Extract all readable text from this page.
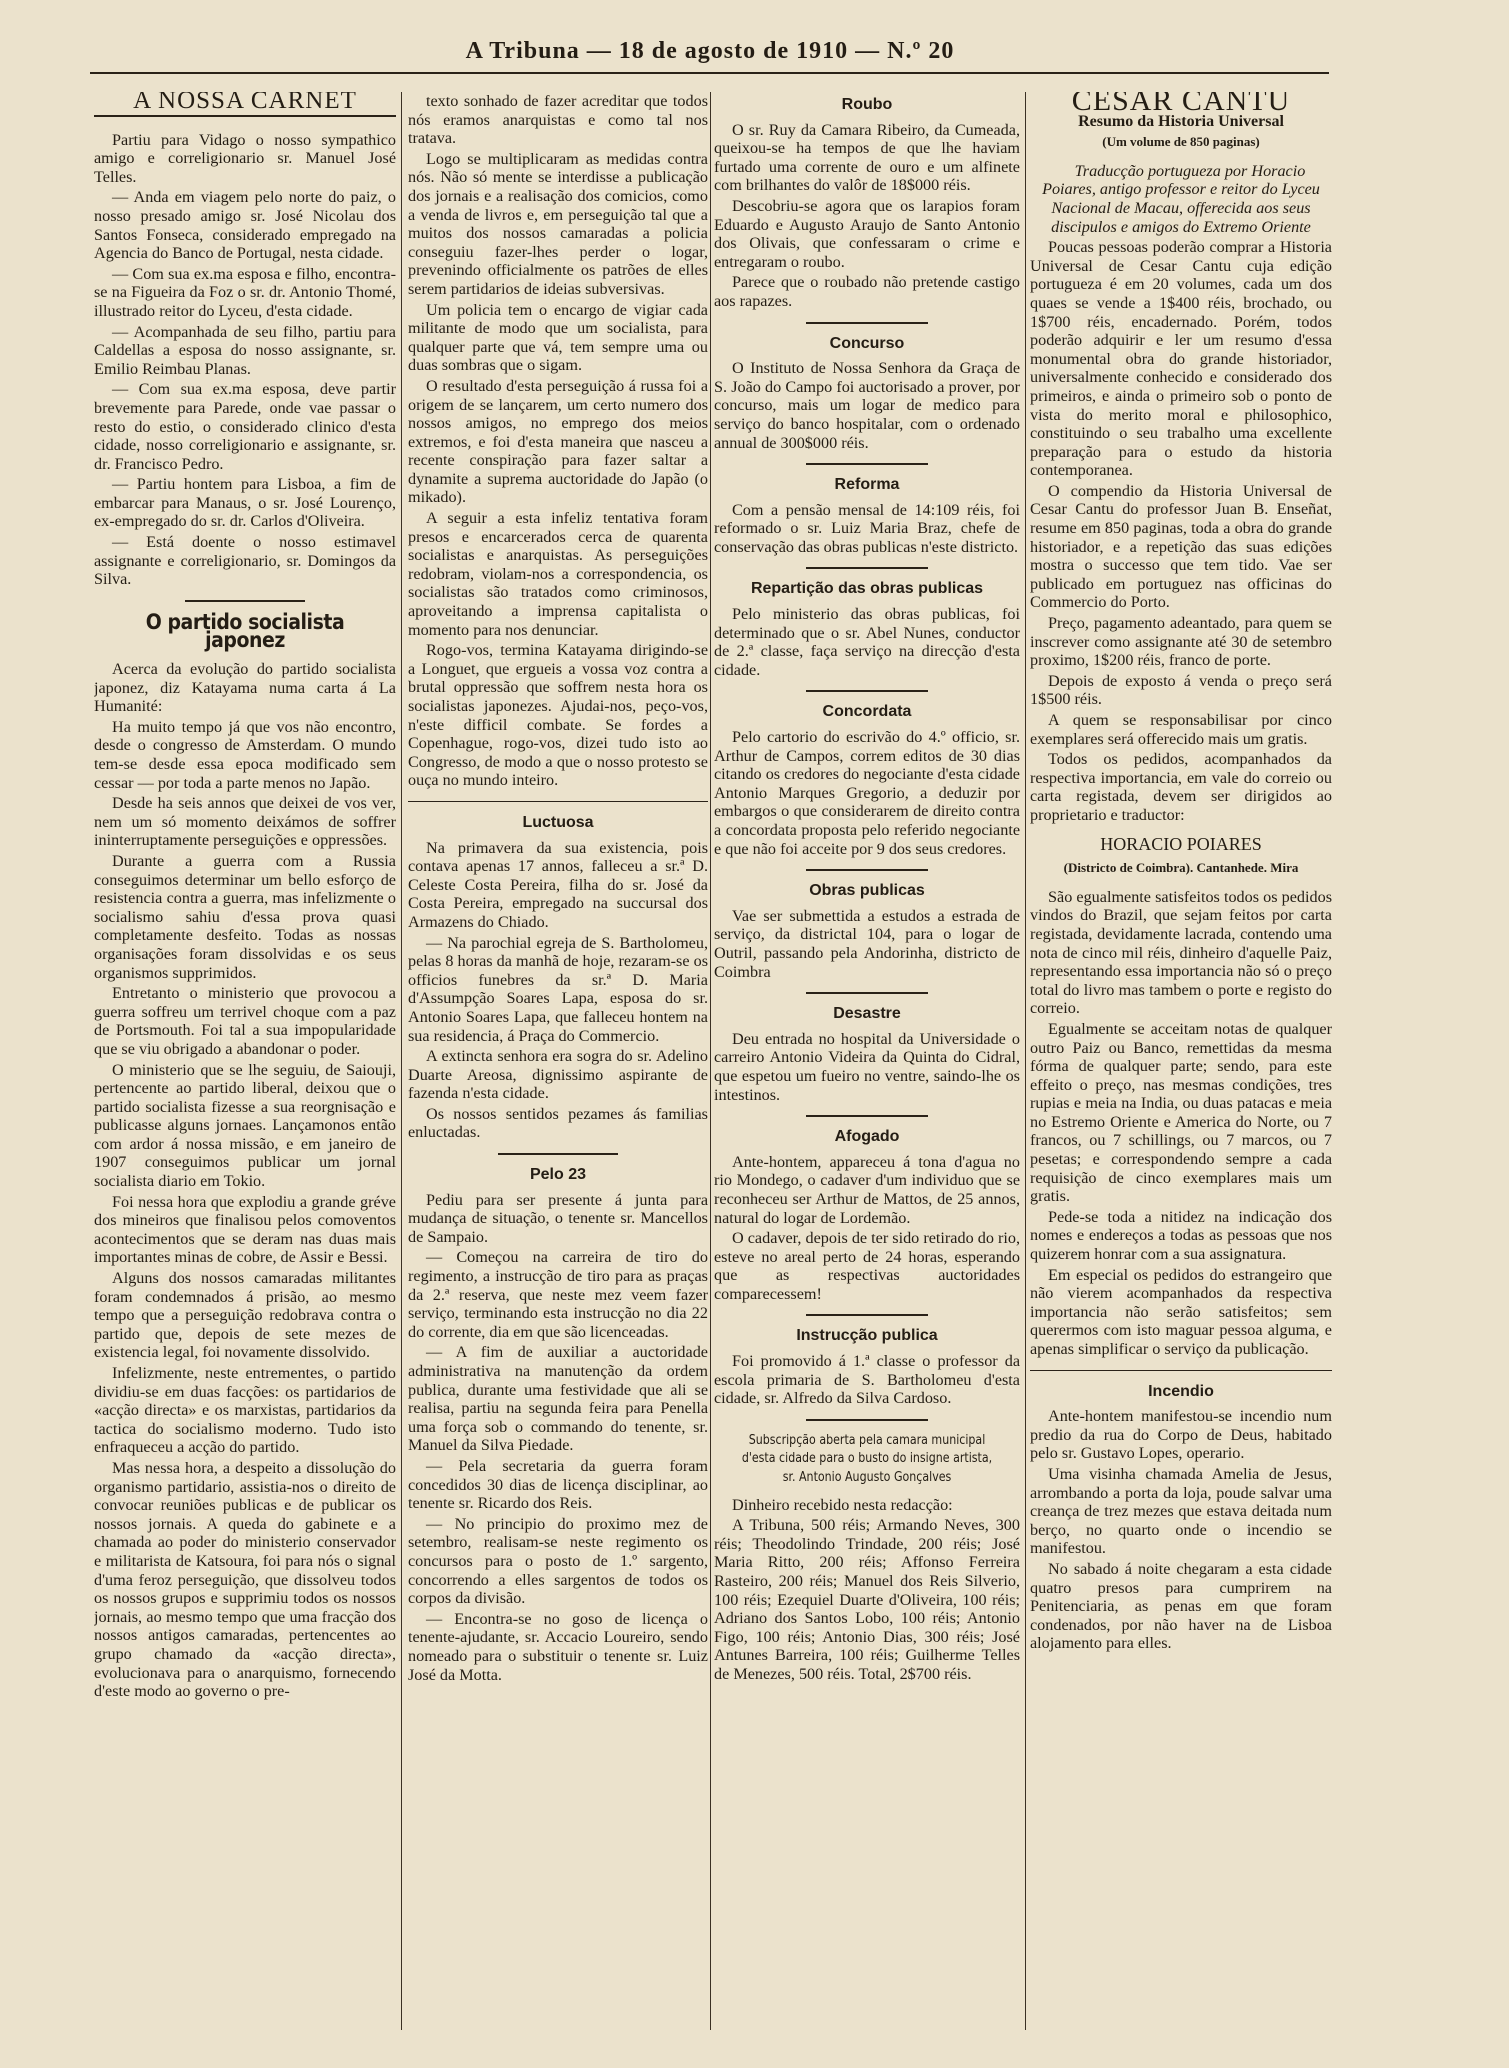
A Tribuna — 18 de agosto de 1910 — N.º 20
A NOSSA CARNET

Partiu para Vidago o nosso sympathico amigo e correligionario sr. Manuel José Telles.

— Anda em viagem pelo norte do paiz, o nosso presado amigo sr. José Nicolau dos Santos Fonseca, considerado empregado na Agencia do Banco de Portugal, nesta cidade.

— Com sua ex.ma esposa e filho, encontra-se na Figueira da Foz o sr. dr. Antonio Thomé, illustrado reitor do Lyceu, d'esta cidade.

— Acompanhada de seu filho, partiu para Caldellas a esposa do nosso assignante, sr. Emilio Reimbau Planas.

— Com sua ex.ma esposa, deve partir brevemente para Parede, onde vae passar o resto do estio, o considerado clinico d'esta cidade, nosso correligionario e assignante, sr. dr. Francisco Pedro.

— Partiu hontem para Lisboa, a fim de embarcar para Manaus, o sr. José Lourenço, ex-empregado do sr. dr. Carlos d'Oliveira.

— Está doente o nosso estimavel assignante e correligionario, sr. Domingos da Silva.

O partido socialista japonez

Acerca da evolução do partido socialista japonez, diz Katayama numa carta á La Humanité:

Ha muito tempo já que vos não encontro, desde o congresso de Amsterdam. O mundo tem-se desde essa epoca modificado sem cessar — por toda a parte menos no Japão.

Desde ha seis annos que deixei de vos ver, nem um só momento deixámos de soffrer ininterruptamente perseguições e oppressões.

Durante a guerra com a Russia conseguimos determinar um bello esforço de resistencia contra a guerra, mas infelizmente o socialismo sahiu d'essa prova quasi completamente desfeito. Todas as nossas organisações foram dissolvidas e os seus organismos supprimidos.

Entretanto o ministerio que provocou a guerra soffreu um terrivel choque com a paz de Portsmouth. Foi tal a sua impopularidade que se viu obrigado a abandonar o poder.

O ministerio que se lhe seguiu, de Saiouji, pertencente ao partido liberal, deixou que o partido socialista fizesse a sua reorgnisação e publicasse alguns jornaes. Lançamonos então com ardor á nossa missão, e em janeiro de 1907 conseguimos publicar um jornal socialista diario em Tokio.

Foi nessa hora que explodiu a grande gréve dos mineiros que finalisou pelos comoventos acontecimentos que se deram nas duas mais importantes minas de cobre, de Assir e Bessi.

Alguns dos nossos camaradas militantes foram condemnados á prisão, ao mesmo tempo que a perseguição redobrava contra o partido que, depois de sete mezes de existencia legal, foi novamente dissolvido.

Infelizmente, neste entrementes, o partido dividiu-se em duas facções: os partidarios de «acção directa» e os marxistas, partidarios da tactica do socialismo moderno. Tudo isto enfraqueceu a acção do partido.

Mas nessa hora, a despeito a dissolução do organismo partidario, assistia-nos o direito de convocar reuniões publicas e de publicar os nossos jornais. A queda do gabinete e a chamada ao poder do ministerio conservador e militarista de Katsoura, foi para nós o signal d'uma feroz perseguição, que dissolveu todos os nossos grupos e supprimiu todos os nossos jornais, ao mesmo tempo que uma fracção dos nossos antigos camaradas, pertencentes ao grupo chamado da «acção directa», evolucionava para o anarquismo, fornecendo d'este modo ao governo o pre-

texto sonhado de fazer acreditar que todos nós eramos anarquistas e como tal nos tratava.

Logo se multiplicaram as medidas contra nós. Não só mente se interdisse a publicação dos jornais e a realisação dos comicios, como a venda de livros e, em perseguição tal que a muitos dos nossos camaradas a policia conseguiu fazer-lhes perder o logar, prevenindo officialmente os patrões de elles serem partidarios de ideias subversivas.

Um policia tem o encargo de vigiar cada militante de modo que um socialista, para qualquer parte que vá, tem sempre uma ou duas sombras que o sigam.

O resultado d'esta perseguição á russa foi a origem de se lançarem, um certo numero dos nossos amigos, no emprego dos meios extremos, e foi d'esta maneira que nasceu a recente conspiração para fazer saltar a dynamite a suprema auctoridade do Japão (o mikado).

A seguir a esta infeliz tentativa foram presos e encarcerados cerca de quarenta socialistas e anarquistas. As perseguições redobram, violam-nos a correspondencia, os socialistas são tratados como criminosos, aproveitando a imprensa capitalista o momento para nos denunciar.

Rogo-vos, termina Katayama dirigindo-se a Longuet, que ergueis a vossa voz contra a brutal oppressão que soffrem nesta hora os socialistas japonezes. Ajudai-nos, peço-vos, n'este difficil combate. Se fordes a Copenhague, rogo-vos, dizei tudo isto ao Congresso, de modo a que o nosso protesto se ouça no mundo inteiro.

Luctuosa

Na primavera da sua existencia, pois contava apenas 17 annos, falleceu a sr.ª D. Celeste Costa Pereira, filha do sr. José da Costa Pereira, empregado na succursal dos Armazens do Chiado.

— Na parochial egreja de S. Bartholomeu, pelas 8 horas da manhã de hoje, rezaram-se os officios funebres da sr.ª D. Maria d'Assumpção Soares Lapa, esposa do sr. Antonio Soares Lapa, que falleceu hontem na sua residencia, á Praça do Commercio.

A extincta senhora era sogra do sr. Adelino Duarte Areosa, dignissimo aspirante de fazenda n'esta cidade.

Os nossos sentidos pezames ás familias enluctadas.

Pelo 23

Pediu para ser presente á junta para mudança de situação, o tenente sr. Mancellos de Sampaio.

— Começou na carreira de tiro do regimento, a instrucção de tiro para as praças da 2.ª reserva, que neste mez veem fazer serviço, terminando esta instrucção no dia 22 do corrente, dia em que são licenceadas.

— A fim de auxiliar a auctoridade administrativa na manutenção da ordem publica, durante uma festividade que ali se realisa, partiu na segunda feira para Penella uma força sob o commando do tenente, sr. Manuel da Silva Piedade.

— Pela secretaria da guerra foram concedidos 30 dias de licença disciplinar, ao tenente sr. Ricardo dos Reis.

— No principio do proximo mez de setembro, realisam-se neste regimento os concursos para o posto de 1.º sargento, concorrendo a elles sargentos de todos os corpos da divisão.

— Encontra-se no goso de licença o tenente-ajudante, sr. Accacio Loureiro, sendo nomeado para o substituir o tenente sr. Luiz José da Motta.

Roubo

O sr. Ruy da Camara Ribeiro, da Cumeada, queixou-se ha tempos de que lhe haviam furtado uma corrente de ouro e um alfinete com brilhantes do valôr de 18$000 réis.

Descobriu-se agora que os larapios foram Eduardo e Augusto Araujo de Santo Antonio dos Olivais, que confessaram o crime e entregaram o roubo.

Parece que o roubado não pretende castigo aos rapazes.

Concurso

O Instituto de Nossa Senhora da Graça de S. João do Campo foi auctorisado a prover, por concurso, mais um logar de medico para serviço do banco hospitalar, com o ordenado annual de 300$000 réis.

Reforma

Com a pensão mensal de 14:109 réis, foi reformado o sr. Luiz Maria Braz, chefe de conservação das obras publicas n'este districto.

Repartição das obras publicas

Pelo ministerio das obras publicas, foi determinado que o sr. Abel Nunes, conductor de 2.ª classe, faça serviço na direcção d'esta cidade.

Concordata

Pelo cartorio do escrivão do 4.º officio, sr. Arthur de Campos, correm editos de 30 dias citando os credores do negociante d'esta cidade Antonio Marques Gregorio, a deduzir por embargos o que considerarem de direito contra a concordata proposta pelo referido negociante e que não foi acceite por 9 dos seus credores.

Obras publicas

Vae ser submettida a estudos a estrada de serviço, da districtal 104, para o logar de Outril, passando pela Andorinha, districto de Coimbra

Desastre

Deu entrada no hospital da Universidade o carreiro Antonio Videira da Quinta do Cidral, que espetou um fueiro no ventre, saindo-lhe os intestinos.

Afogado

Ante-hontem, appareceu á tona d'agua no rio Mondego, o cadaver d'um individuo que se reconheceu ser Arthur de Mattos, de 25 annos, natural do logar de Lordemão.

O cadaver, depois de ter sido retirado do rio, esteve no areal perto de 24 horas, esperando que as respectivas auctoridades comparecessem!

Instrucção publica

Foi promovido á 1.ª classe o professor da escola primaria de S. Bartholomeu d'esta cidade, sr. Alfredo da Silva Cardoso.

Subscripção aberta pela camara municipal d'esta cidade para o busto do insigne artista, sr. Antonio Augusto Gonçalves

Dinheiro recebido nesta redacção:

A Tribuna, 500 réis; Armando Neves, 300 réis; Theodolindo Trindade, 200 réis; José Maria Ritto, 200 réis; Affonso Ferreira Rasteiro, 200 réis; Manuel dos Reis Silverio, 100 réis; Ezequiel Duarte d'Oliveira, 100 réis; Adriano dos Santos Lobo, 100 réis; Antonio Figo, 100 réis; Antonio Dias, 300 réis; José Antunes Barreira, 100 réis; Guilherme Telles de Menezes, 500 réis. Total, 2$700 réis.

CESAR CANTU
Resumo da Historia Universal
(Um volume de 850 paginas)

Traducção portugueza por Horacio Poiares, antigo professor e reitor do Lyceu Nacional de Macau, offerecida aos seus discipulos e amigos do Extremo Oriente

Poucas pessoas poderão comprar a Historia Universal de Cesar Cantu cuja edição portugueza é em 20 volumes, cada um dos quaes se vende a 1$400 réis, brochado, ou 1$700 réis, encadernado. Porém, todos poderão adquirir e ler um resumo d'essa monumental obra do grande historiador, universalmente conhecido e considerado dos primeiros, e ainda o primeiro sob o ponto de vista do merito moral e philosophico, constituindo o seu trabalho uma excellente preparação para o estudo da historia contemporanea.

O compendio da Historia Universal de Cesar Cantu do professor Juan B. Enseñat, resume em 850 paginas, toda a obra do grande historiador, e a repetição das suas edições mostra o successo que tem tido. Vae ser publicado em portuguez nas officinas do Commercio do Porto.

Preço, pagamento adeantado, para quem se inscrever como assignante até 30 de setembro proximo, 1$200 réis, franco de porte.

Depois de exposto á venda o preço será 1$500 réis.

A quem se responsabilisar por cinco exemplares será offerecido mais um gratis.

Todos os pedidos, acompanhados da respectiva importancia, em vale do correio ou carta registada, devem ser dirigidos ao proprietario e traductor:

HORACIO POIARES
(Districto de Coimbra). Cantanhede. Mira

São egualmente satisfeitos todos os pedidos vindos do Brazil, que sejam feitos por carta registada, devidamente lacrada, contendo uma nota de cinco mil réis, dinheiro d'aquelle Paiz, representando essa importancia não só o preço total do livro mas tambem o porte e registo do correio.

Egualmente se acceitam notas de qualquer outro Paiz ou Banco, remettidas da mesma fórma de qualquer parte; sendo, para este effeito o preço, nas mesmas condições, tres rupias e meia na India, ou duas patacas e meia no Estremo Oriente e America do Norte, ou 7 francos, ou 7 schillings, ou 7 marcos, ou 7 pesetas; e correspondendo sempre a cada requisição de cinco exemplares mais um gratis.

Pede-se toda a nitidez na indicação dos nomes e endereços a todas as pessoas que nos quizerem honrar com a sua assignatura.

Em especial os pedidos do estrangeiro que não vierem acompanhados da respectiva importancia não serão satisfeitos; sem querermos com isto maguar pessoa alguma, e apenas simplificar o serviço da publicação.

Incendio

Ante-hontem manifestou-se incendio num predio da rua do Corpo de Deus, habitado pelo sr. Gustavo Lopes, operario.

Uma visinha chamada Amelia de Jesus, arrombando a porta da loja, poude salvar uma creança de trez mezes que estava deitada num berço, no quarto onde o incendio se manifestou.

No sabado á noite chegaram a esta cidade quatro presos para cumprirem na Penitenciaria, as penas em que foram condenados, por não haver na de Lisboa alojamento para elles.
